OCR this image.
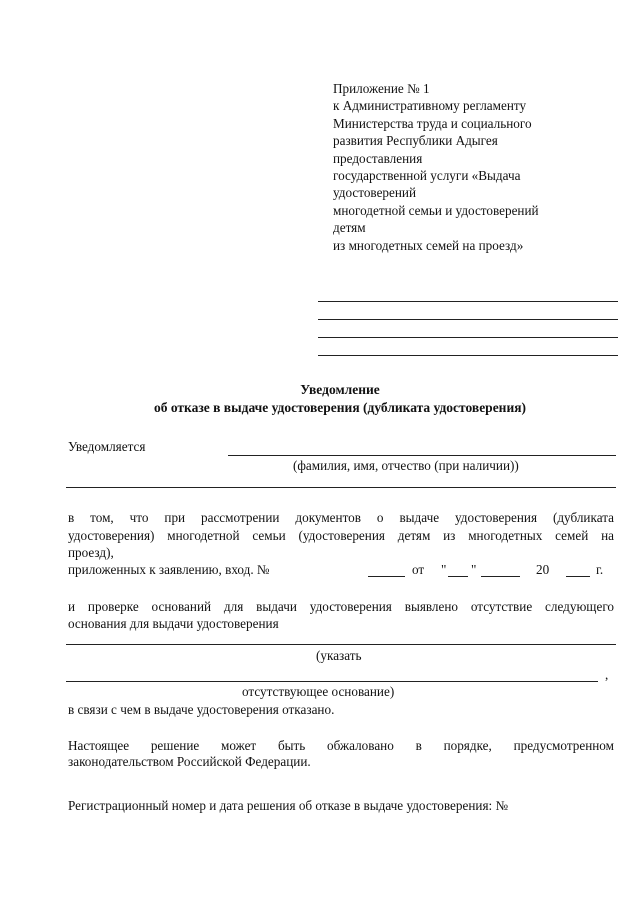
Приложение № 1
к Административному регламенту
Министерства труда и социального
развития Республики Адыгея
предоставления
государственной услуги «Выдача
удостоверений
многодетной семьи и удостоверений
детям
из многодетных семей на проезд»
Уведомление
об отказе в выдаче удостоверения (дубликата удостоверения)
Уведомляется
(фамилия, имя, отчество (при наличии))
в том, что при рассмотрении документов о выдаче удостоверения (дубликата
удостоверения) многодетной семьи (удостоверения детям из многодетных семей на
проезд),
приложенных к заявлению, вход. №	от " "	20	г.
и проверке оснований для выдачи удостоверения выявлено отсутствие следующего
основания для выдачи удостоверения
(указать
,
отсутствующее основание)
в связи с чем в выдаче удостоверения отказано.
Настоящее решение может быть обжаловано в порядке, предусмотренном
законодательством Российской Федерации.
Регистрационный номер и дата решения об отказе в выдаче удостоверения: №
